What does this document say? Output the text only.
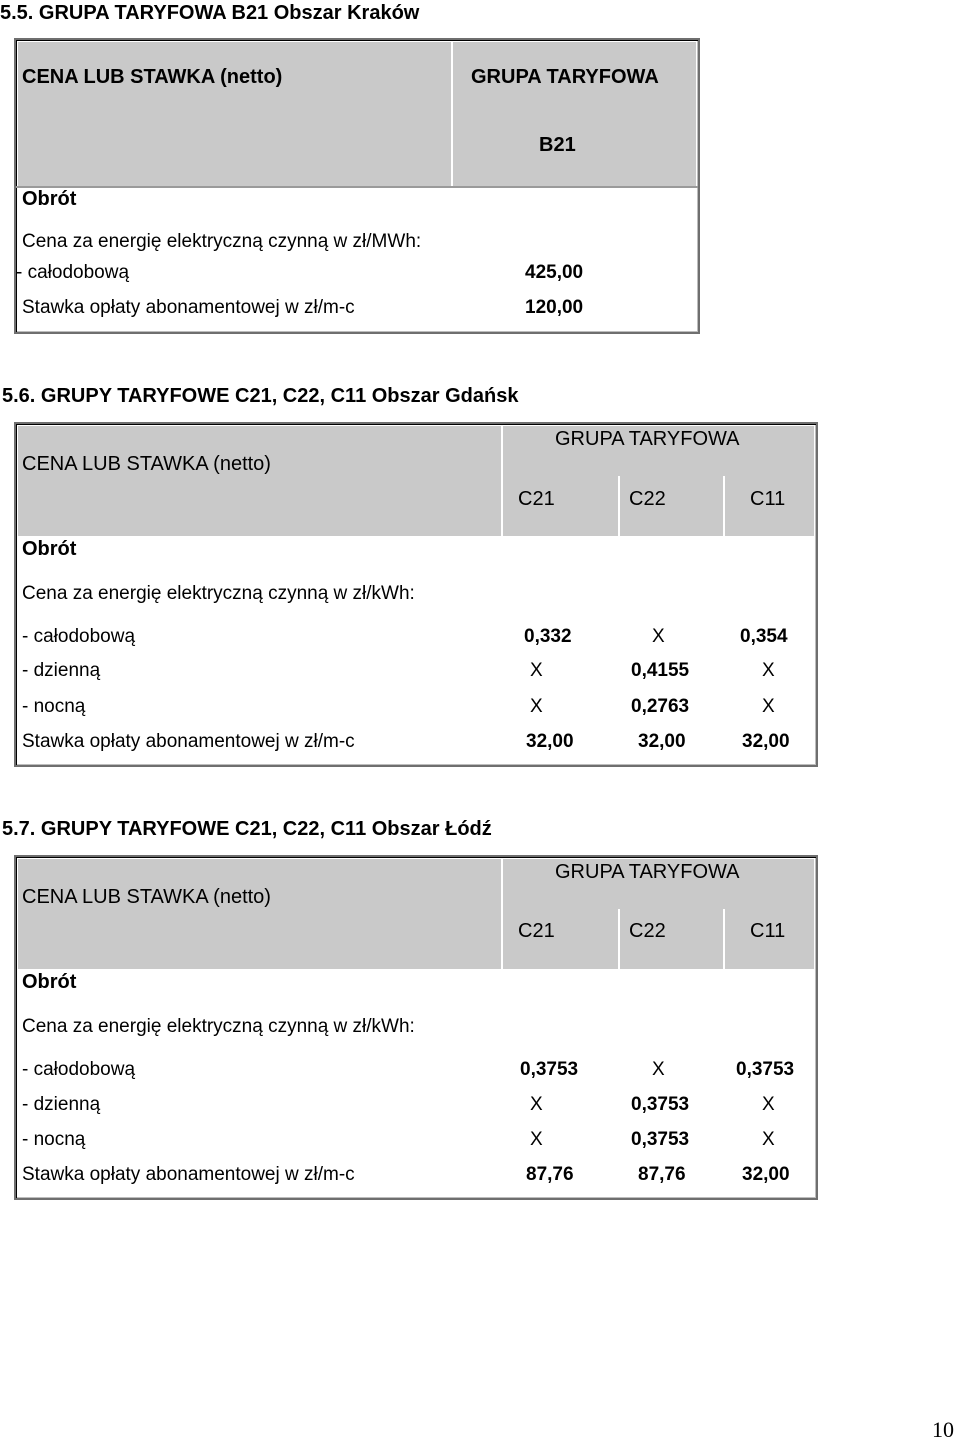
5.5. GRUPA TARYFOWA B21 Obszar Kraków
CENA LUB STAWKA (netto)	GRUPA TARYFOWA
B21
Obrót
Cena za energię elektryczną czynną w zł/MWh:
- całodobową	425,00
Stawka opłaty abonamentowej w zł/m-c	120,00
5.6. GRUPY TARYFOWE C21, C22, C11 Obszar Gdańsk
GRUPA TARYFOWA
CENA LUB STAWKA (netto)
C21	C22	C11
Obrót
Cena za energię elektryczną czynną w zł/kWh:
- całodobową	0,332	X	0,354
- dzienną	X	0,4155	X
- nocną	X	0,2763	X
Stawka opłaty abonamentowej w zł/m-c	32,00	32,00	32,00
5.7. GRUPY TARYFOWE C21, C22, C11 Obszar Łódź
GRUPA TARYFOWA
CENA LUB STAWKA (netto)
C21	C22	C11
Obrót
Cena za energię elektryczną czynną w zł/kWh:
- całodobową	0,3753	X	0,3753
- dzienną	X	0,3753	X
- nocną	X	0,3753	X
Stawka opłaty abonamentowej w zł/m-c	87,76	87,76	32,00
10
